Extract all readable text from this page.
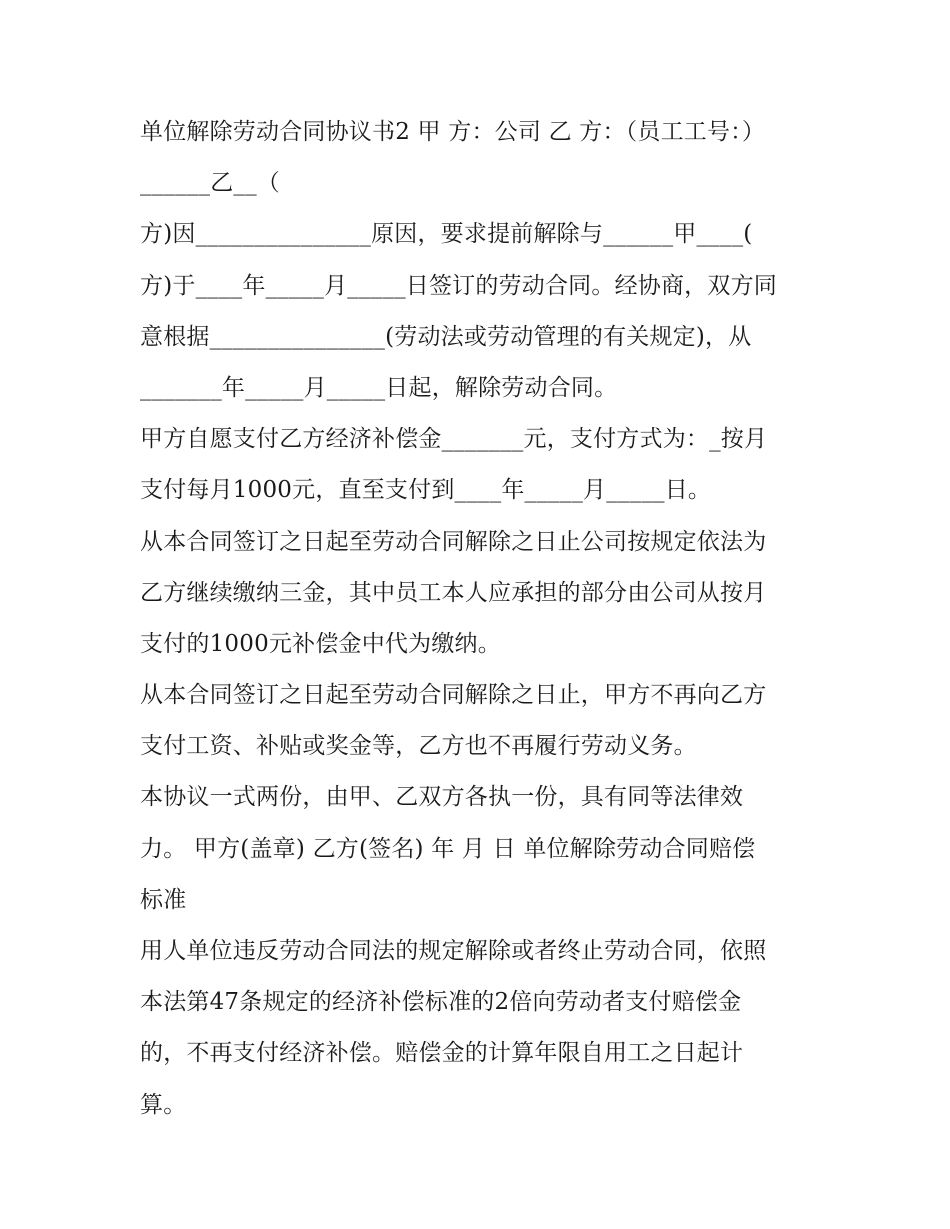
单位解除劳动合同协议书2 甲 方：公司 乙 方：（员工工号：）
______乙__（
方)因_______________原因，要求提前解除与______甲____(
方)于____年_____月_____日签订的劳动合同。经协商，双方同
意根据_______________(劳动法或劳动管理的有关规定)，从
_______年_____月_____日起，解除劳动合同。
甲方自愿支付乙方经济补偿金_______元，支付方式为：_按月
支付每月1000元，直至支付到____年_____月_____日。
从本合同签订之日起至劳动合同解除之日止公司按规定依法为
乙方继续缴纳三金，其中员工本人应承担的部分由公司从按月
支付的1000元补偿金中代为缴纳。
从本合同签订之日起至劳动合同解除之日止，甲方不再向乙方
支付工资、补贴或奖金等，乙方也不再履行劳动义务。
本协议一式两份，由甲、乙双方各执一份，具有同等法律效
力。 甲方(盖章) 乙方(签名) 年 月 日 单位解除劳动合同赔偿
标准
用人单位违反劳动合同法的规定解除或者终止劳动合同，依照
本法第47条规定的经济补偿标准的2倍向劳动者支付赔偿金
的，不再支付经济补偿。赔偿金的计算年限自用工之日起计
算。
